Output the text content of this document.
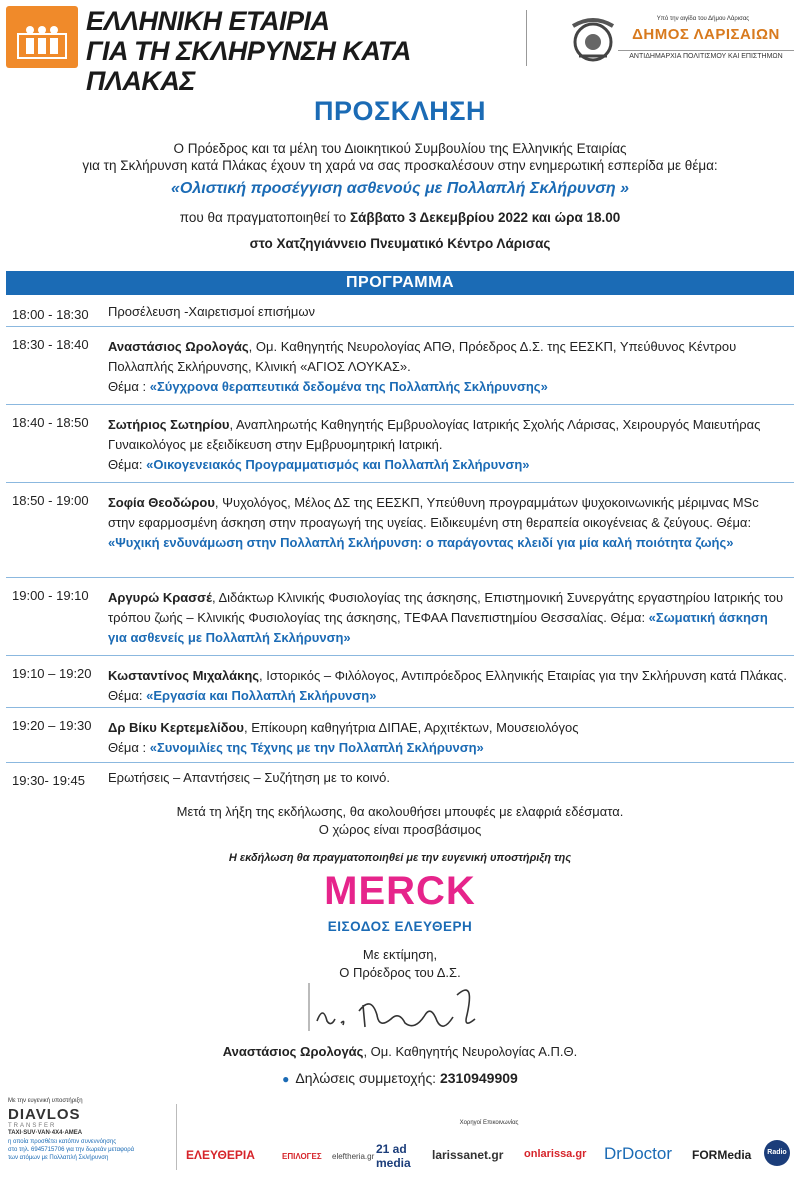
ΕΛΛΗΝΙΚΗ ΕΤΑΙΡΙΑ
ΓΙΑ ΤΗ ΣΚΛΗΡΥΝΣΗ ΚΑΤΑ ΠΛΑΚΑΣ
Υπό την αιγίδα του Δήμου Λάρισας
ΔΗΜΟΣ ΛΑΡΙΣΑΙΩΝ
ΑΝΤΙΔΗΜΑΡΧΙΑ ΠΟΛΙΤΙΣΜΟΥ ΚΑΙ ΕΠΙΣΤΗΜΩΝ
ΠΡΟΣΚΛΗΣΗ
Ο Πρόεδρος και τα μέλη του Διοικητικού Συμβουλίου της Ελληνικής Εταιρίας
για τη Σκλήρυνση κατά Πλάκας έχουν τη χαρά να σας προσκαλέσουν στην ενημερωτική εσπερίδα με θέμα:
«Ολιστική προσέγγιση ασθενούς με Πολλαπλή Σκλήρυνση »
που θα πραγματοποιηθεί το Σάββατο 3 Δεκεμβρίου 2022 και ώρα 18.00
στο Χατζηγιάννειο Πνευματικό Κέντρο Λάρισας
ΠΡΟΓΡΑΜΜΑ
18:00 - 18:30	Προσέλευση -Χαιρετισμοί επισήμων
18:30 - 18:40	Αναστάσιος Ωρολογάς, Ομ. Καθηγητής Νευρολογίας ΑΠΘ, Πρόεδρος Δ.Σ. της ΕΕΣΚΠ, Υπεύθυνος Κέντρου Πολλαπλής Σκλήρυνσης, Κλινική «ΑΓΙΟΣ ΛΟΥΚΑΣ».
Θέμα : «Σύγχρονα θεραπευτικά δεδομένα της Πολλαπλής Σκλήρυνσης»
18:40 - 18:50	Σωτήριος Σωτηρίου, Αναπληρωτής Καθηγητής Εμβρυολογίας Ιατρικής Σχολής Λάρισας, Χειρουργός Μαιευτήρας Γυναικολόγος με εξειδίκευση στην Εμβρυομητρική Ιατρική.
Θέμα: «Οικογενειακός Προγραμματισμός και Πολλαπλή Σκλήρυνση»
18:50 - 19:00	Σοφία Θεοδώρου, Ψυχολόγος, Μέλος ΔΣ της ΕΕΣΚΠ, Υπεύθυνη προγραμμάτων ψυχοκοινωνικής μέριμνας MSc στην εφαρμοσμένη άσκηση στην προαγωγή της υγείας. Ειδικευμένη στη θεραπεία οικογένειας & ζεύγους. Θέμα: «Ψυχική ενδυνάμωση στην Πολλαπλή Σκλήρυνση: ο παράγοντας κλειδί για μία καλή ποιότητα ζωής»
19:00 - 19:10	Αργυρώ Κρασσέ, Διδάκτωρ Κλινικής Φυσιολογίας της άσκησης, Επιστημονική Συνεργάτης εργαστηρίου Ιατρικής του τρόπου ζωής – Κλινικής Φυσιολογίας της άσκησης, ΤΕΦΑΑ Πανεπιστημίου Θεσσαλίας. Θέμα: «Σωματική άσκηση για ασθενείς με Πολλαπλή Σκλήρυνση»
19:10 – 19:20	Κωσταντίνος Μιχαλάκης, Ιστορικός – Φιλόλογος, Αντιπρόεδρος Ελληνικής Εταιρίας για την Σκλήρυνση κατά Πλάκας. Θέμα: «Εργασία και Πολλαπλή Σκλήρυνση»
19:20 – 19:30	Δρ Βίκυ Κερτεμελίδου, Επίκουρη καθηγήτρια ΔΙΠΑΕ, Αρχιτέκτων, Μουσειολόγος
Θέμα : «Συνομιλίες της Τέχνης με την Πολλαπλή Σκλήρυνση»
19:30- 19:45	Ερωτήσεις – Απαντήσεις – Συζήτηση με το κοινό.
Μετά τη λήξη της εκδήλωσης, θα ακολουθήσει μπουφές με ελαφριά εδέσματα.
Ο χώρος είναι προσβάσιμος
Η εκδήλωση θα πραγματοποιηθεί με την ευγενική υποστήριξη της
MERCK
ΕΙΣΟΔΟΣ ΕΛΕΥΘΕΡΗ
Με εκτίμηση,
Ο Πρόεδρος του Δ.Σ.
Αναστάσιος Ωρολογάς, Ομ. Καθηγητής Νευρολογίας Α.Π.Θ.
● Δηλώσεις συμμετοχής: 2310949909
Με την ευγενική υποστήριξη
DIAVLOS
TRANSFER
TAXI·SUV·VAN·4X4·AMEA
η οποία προσθέτει κατόπιν συνεννόησης
στο τηλ. 6945715706 για την δωρεάν μεταφορά
των ατόμων με Πολλαπλή Σκλήρυνση
Χορηγοί Επικοινωνίας
ΕΛΕΥΘΕΡΙΑ	ΕΠΙΛΟΓΕΣ eleftheria.gr
21 ad media
larissanet.gr onlarissa.gr DrDoctor FORMedia	Radio
